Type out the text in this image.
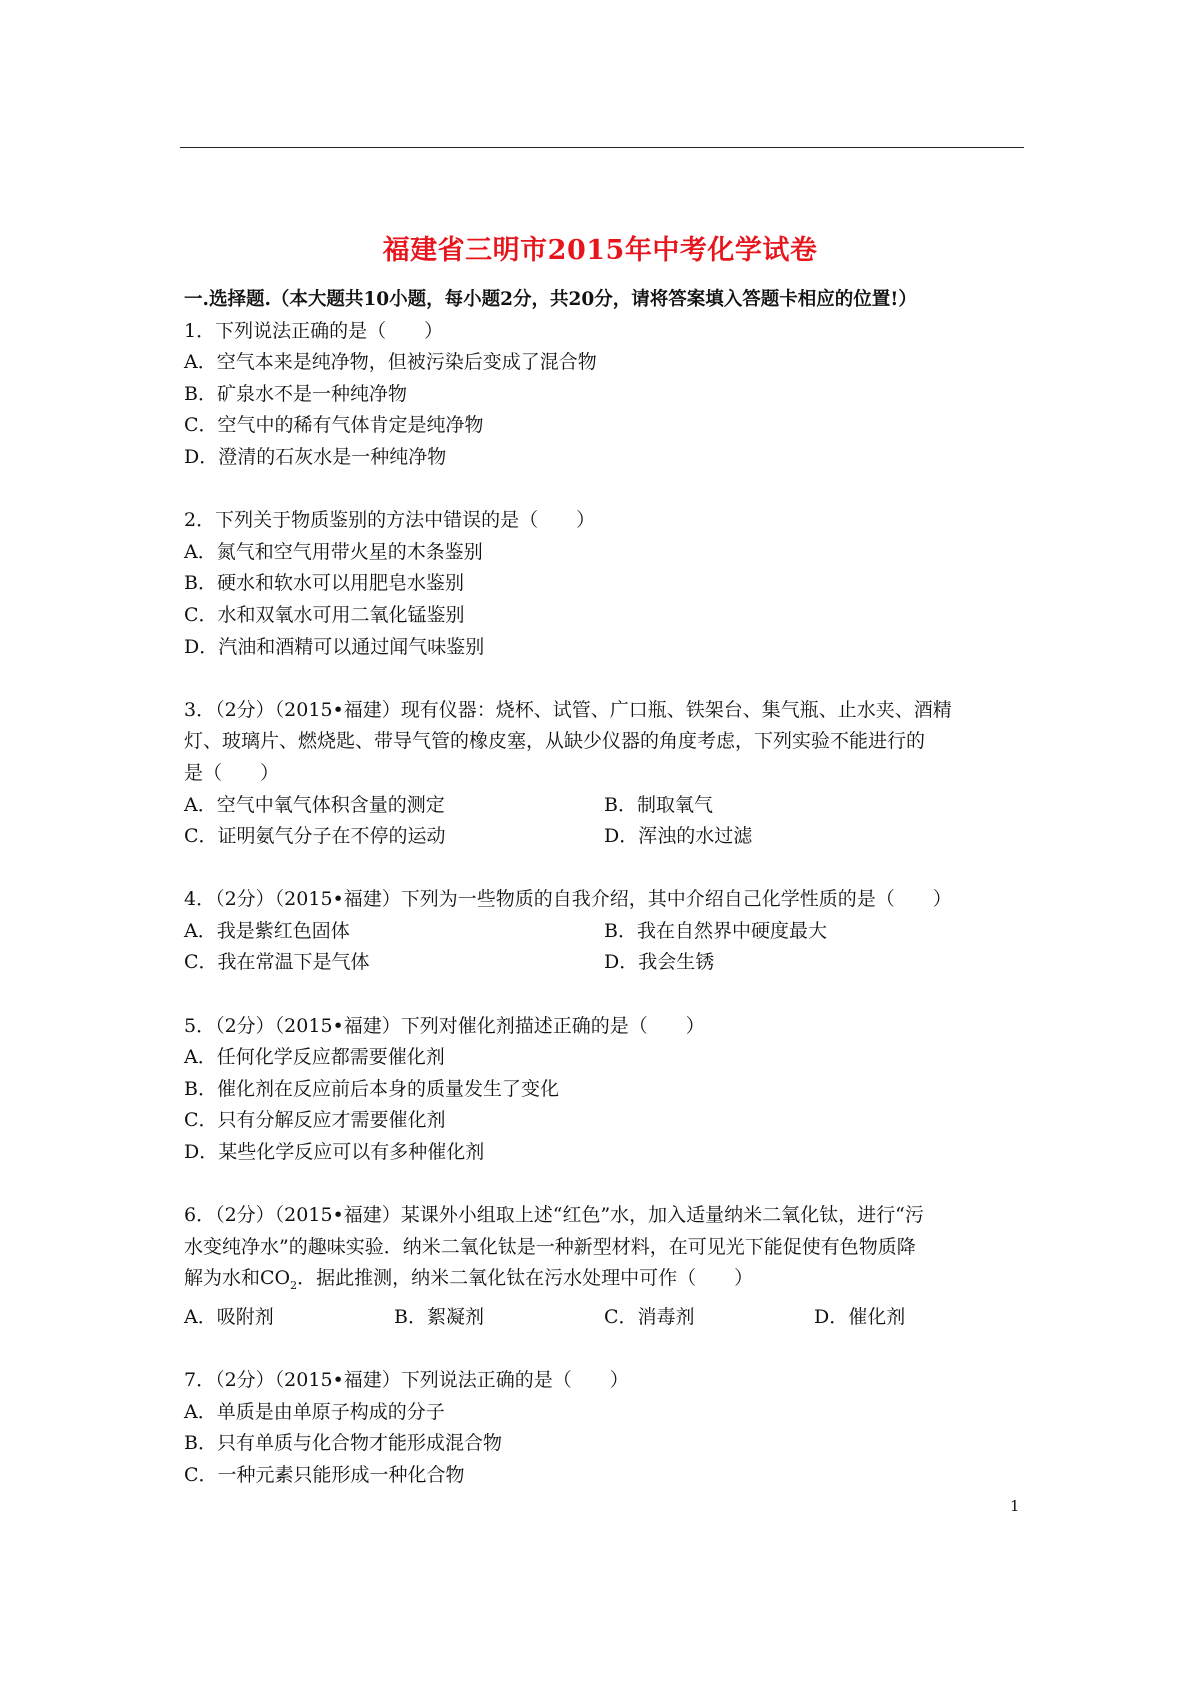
福建省三明市2015年中考化学试卷
一.选择题.（本大题共10小题，每小题2分，共20分，请将答案填入答题卡相应的位置!）
1．下列说法正确的是（　　）
A．空气本来是纯净物，但被污染后变成了混合物
B．矿泉水不是一种纯净物
C．空气中的稀有气体肯定是纯净物
D．澄清的石灰水是一种纯净物
2．下列关于物质鉴别的方法中错误的是（　　）
A．氮气和空气用带火星的木条鉴别
B．硬水和软水可以用肥皂水鉴别
C．水和双氧水可用二氧化锰鉴别
D．汽油和酒精可以通过闻气味鉴别
3．（2分）（2015•福建）现有仪器：烧杯、试管、广口瓶、铁架台、集气瓶、止水夹、酒精
灯、玻璃片、燃烧匙、带导气管的橡皮塞，从缺少仪器的角度考虑，下列实验不能进行的
是（　　）
A．空气中氧气体积含量的测定	B．制取氧气
C．证明氨气分子在不停的运动	D．浑浊的水过滤
4．（2分）（2015•福建）下列为一些物质的自我介绍，其中介绍自己化学性质的是（　　）
A．我是紫红色固体	B．我在自然界中硬度最大
C．我在常温下是气体	D．我会生锈
5．（2分）（2015•福建）下列对催化剂描述正确的是（　　）
A．任何化学反应都需要催化剂
B．催化剂在反应前后本身的质量发生了变化
C．只有分解反应才需要催化剂
D．某些化学反应可以有多种催化剂
6．（2分）（2015•福建）某课外小组取上述“红色”水，加入适量纳米二氧化钛，进行“污
水变纯净水”的趣味实验．纳米二氧化钛是一种新型材料，在可见光下能促使有色物质降
解为水和$CO_2$．据此推测，纳米二氧化钛在污水处理中可作（　　）
A．吸附剂	B．絮凝剂	C．消毒剂	D．催化剂
7．（2分）（2015•福建）下列说法正确的是（　　）
A．单质是由单原子构成的分子
B．只有单质与化合物才能形成混合物
C．一种元素只能形成一种化合物
1
